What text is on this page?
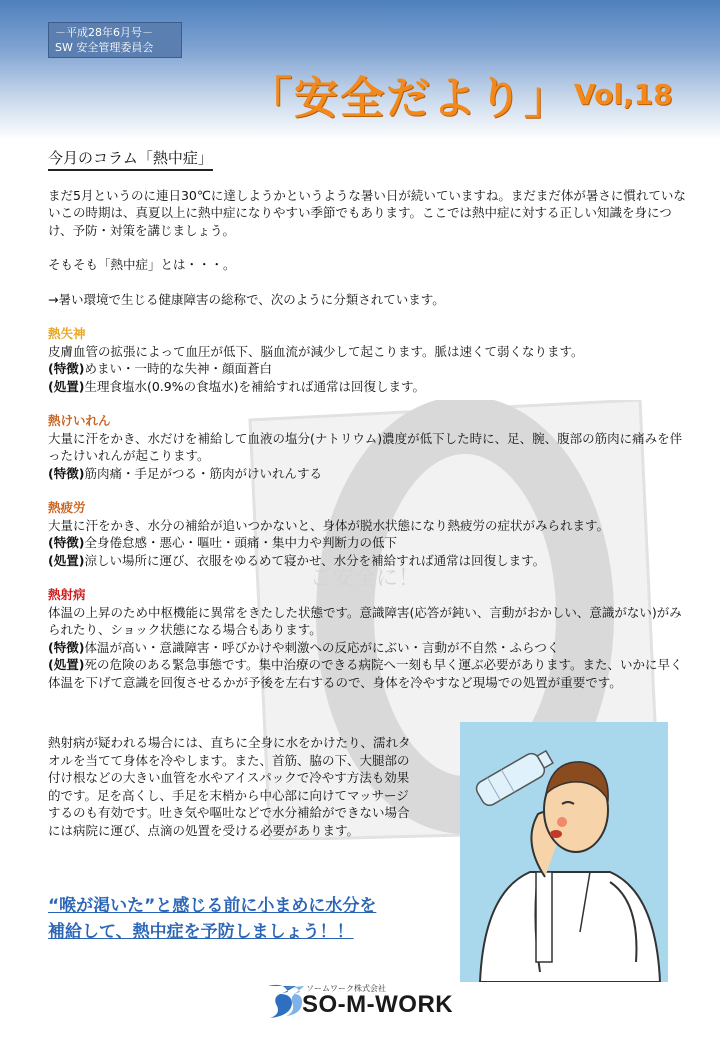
－平成28年6月号－
SW 安全管理委員会
「安全だより」 Vol,18
ご安全に！
今月のコラム「熱中症」

まだ5月というのに連日30℃に達しようかというような暑い日が続いていますね。まだまだ体が暑さに慣れていないこの時期は、真夏以上に熱中症になりやすい季節でもあります。ここでは熱中症に対する正しい知識を身につけ、予防・対策を講じましょう。

そもそも「熱中症」とは・・・。

→暑い環境で生じる健康障害の総称で、次のように分類されています。

熱失神

皮膚血管の拡張によって血圧が低下、脳血流が減少して起こります。脈は速くて弱くなります。

(特徴)めまい・一時的な失神・顔面蒼白

(処置)生理食塩水(0.9%の食塩水)を補給すれば通常は回復します。

熱けいれん

大量に汗をかき、水だけを補給して血液の塩分(ナトリウム)濃度が低下した時に、足、腕、腹部の筋肉に痛みを伴ったけいれんが起こります。

(特徴)筋肉痛・手足がつる・筋肉がけいれんする

熱疲労

大量に汗をかき、水分の補給が追いつかないと、身体が脱水状態になり熱疲労の症状がみられます。

(特徴)全身倦怠感・悪心・嘔吐・頭痛・集中力や判断力の低下

(処置)涼しい場所に運び、衣服をゆるめて寝かせ、水分を補給すれば通常は回復します。

熱射病

体温の上昇のため中枢機能に異常をきたした状態です。意識障害(応答が鈍い、言動がおかしい、意識がない)がみられたり、ショック状態になる場合もあります。

(特徴)体温が高い・意識障害・呼びかけや刺激への反応がにぶい・言動が不自然・ふらつく

(処置)死の危険のある緊急事態です。集中治療のできる病院へ一刻も早く運ぶ必要があります。また、いかに早く体温を下げて意識を回復させるかが予後を左右するので、身体を冷やすなど現場での処置が重要です。

熱射病が疑われる場合には、直ちに全身に水をかけたり、濡れタオルを当てて身体を冷やします。また、首筋、脇の下、大腿部の付け根などの大きい血管を水やアイスパックで冷やす方法も効果的です。足を高くし、手足を末梢から中心部に向けてマッサージするのも有効です。吐き気や嘔吐などで水分補給ができない場合には病院に運び、点滴の処置を受ける必要があります。

“喉が渇いた”と感じる前に小まめに水分を
補給して、熱中症を予防しましょう！！
ソームワーク株式会社
SO-M-WORK
